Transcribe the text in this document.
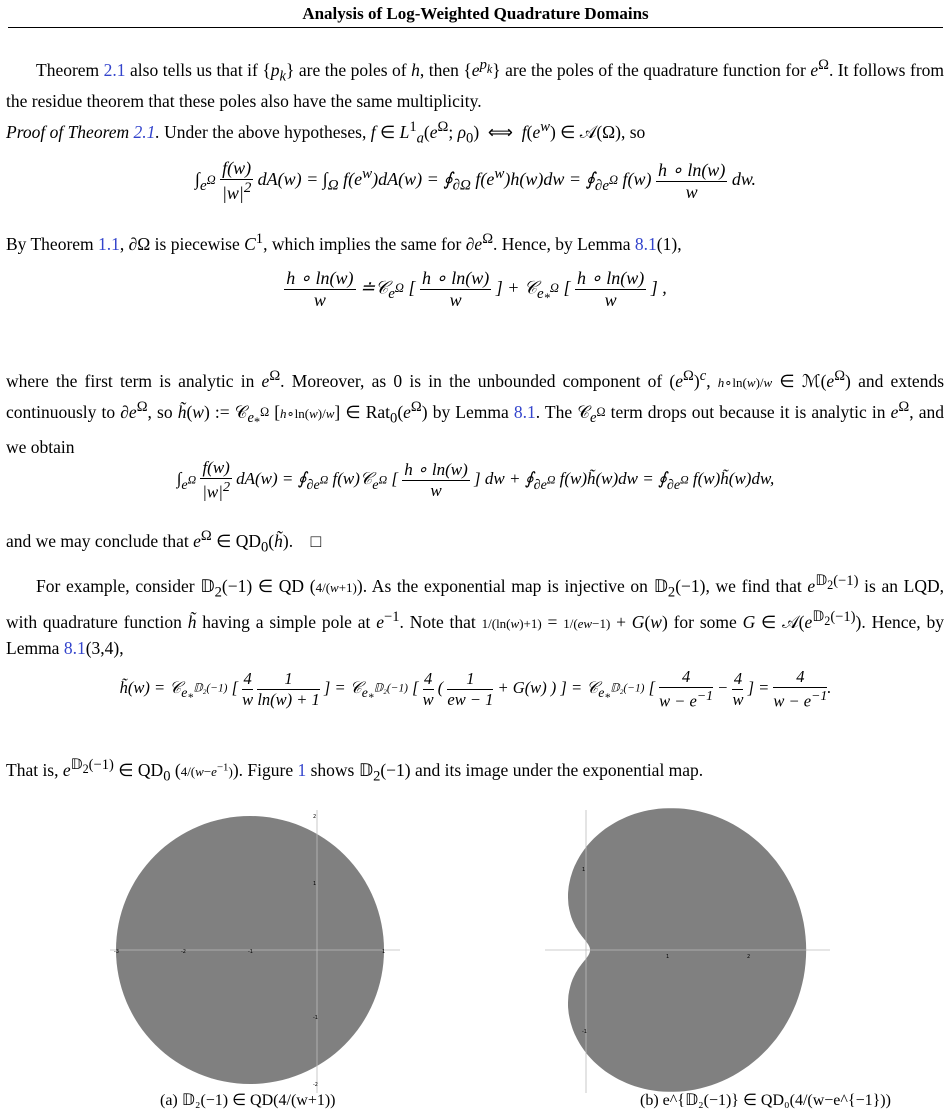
Analysis of Log-Weighted Quadrature Domains
Theorem 2.1 also tells us that if $\{p_k\}$ are the poles of h, then $\{e^{p_k}\}$ are the poles of the quadrature function for $e^\Omega$. It follows from the residue theorem that these poles also have the same multiplicity.
Proof of Theorem 2.1. Under the above hypotheses, f ∈ $L^1_a(e^\Omega$; $\rho_0$)  ⟺  $f(e^w)$ ∈ 𝒜(Ω), so
$\int_{e^\Omega} \frac{f(w)}{|w|^2} dA(w) = \int_\Omega$ $f(e^w)dA(w)$ = $∮_{\partial\Omega}$ $f(e^w)h(w)dw$ = $∮_{\partial e^\Omega}$ $f(w) \frac{h \circ \ln(w)}{w}$ dw.
By Theorem 1.1, ∂Ω is piecewise $C^1$, which implies the same for $\partial e^\Omega$. Hence, by Lemma 8.1(1),
$\frac{h \circ \ln(w)}{w}$ ≐𝒞$_{e^\Omega}$ [ $\frac{h \circ \ln(w)}{w}$ ] + 𝒞$_{e_*^\Omega}$ [ $\frac{h \circ \ln(w)}{w}$ ] ,
where the first term is analytic in $e^\Omega$. Moreover, as 0 is in the unbounded component of $(e^\Omega)^c$, h∘ln(w)/w ∈ $ℳ(e^\Omega)$ and extends continuously to $\partial e^\Omega$, so h̃(w) := 𝒞$_{e_*^\Omega}$ [h∘ln(w)/w] ∈ $Rat_0(e^\Omega)$ by Lemma 8.1. The 𝒞$_{e^\Omega}$ term drops out because it is analytic in $e^\Omega$, and we obtain
$\int_{e^\Omega} \frac{f(w)}{|w|^2} dA(w)$ = $∮_{\partial e^\Omega}$ f(w)𝒞$_{e^\Omega}$ [ $\frac{h \circ \ln(w)}{w}$ ] dw + $∮_{\partial e^\Omega}$ f(w)h̃(w)dw = $∮_{\partial e^\Omega}$ f(w)h̃(w)dw,
and we may conclude that $e^\Omega$ ∈ $QD_0(h̃)$.    □
For example, consider 𝔻$_2$(−1) ∈ QD (4/(w+1)). As the exponential map is injective on 𝔻$_2$(−1), we find that $e^{𝔻_2(-1)}$ is an LQD, with quadrature function h̃ having a simple pole at $e^{-1}$. Note that 1/(ln(w)+1) = 1/(ew−1) + G(w) for some G ∈ $𝒜(e^{𝔻_2(-1)})$. Hence, by Lemma 8.1(3,4),
h̃(w) = 𝒞$_{e_*^{𝔻_2(-1)}}$ [ $\frac{4}{w}$
$\frac{1}{\ln(w) + 1}$ ] = 𝒞$_{e_*^{𝔻_2(-1)}}$ [ $\frac{4}{w}$ ( $\frac{1}{ew - 1} + G(w)$ ) ] = 𝒞$_{e_*^{𝔻_2(-1)}}$ [ $\frac{4}{w - e^{-1}} - \frac{4}{w}$ ] = $\frac{4}{w - e^{-1}}$ .
That is, $e^{𝔻_2(-1)}$ ∈ $QD_0$ $(4/(w-e^{-1}))$. Figure 1 shows 𝔻$_2$(−1) and its image under the exponential map.
-3	-2	-1	1
2
1
-1
-2
1	2
1
-1
(a) 𝔻₂(−1) ∈ QD(4/(w+1))	(b) e^{𝔻₂(−1)} ∈ QD₀(4/(w−e^{−1}))
